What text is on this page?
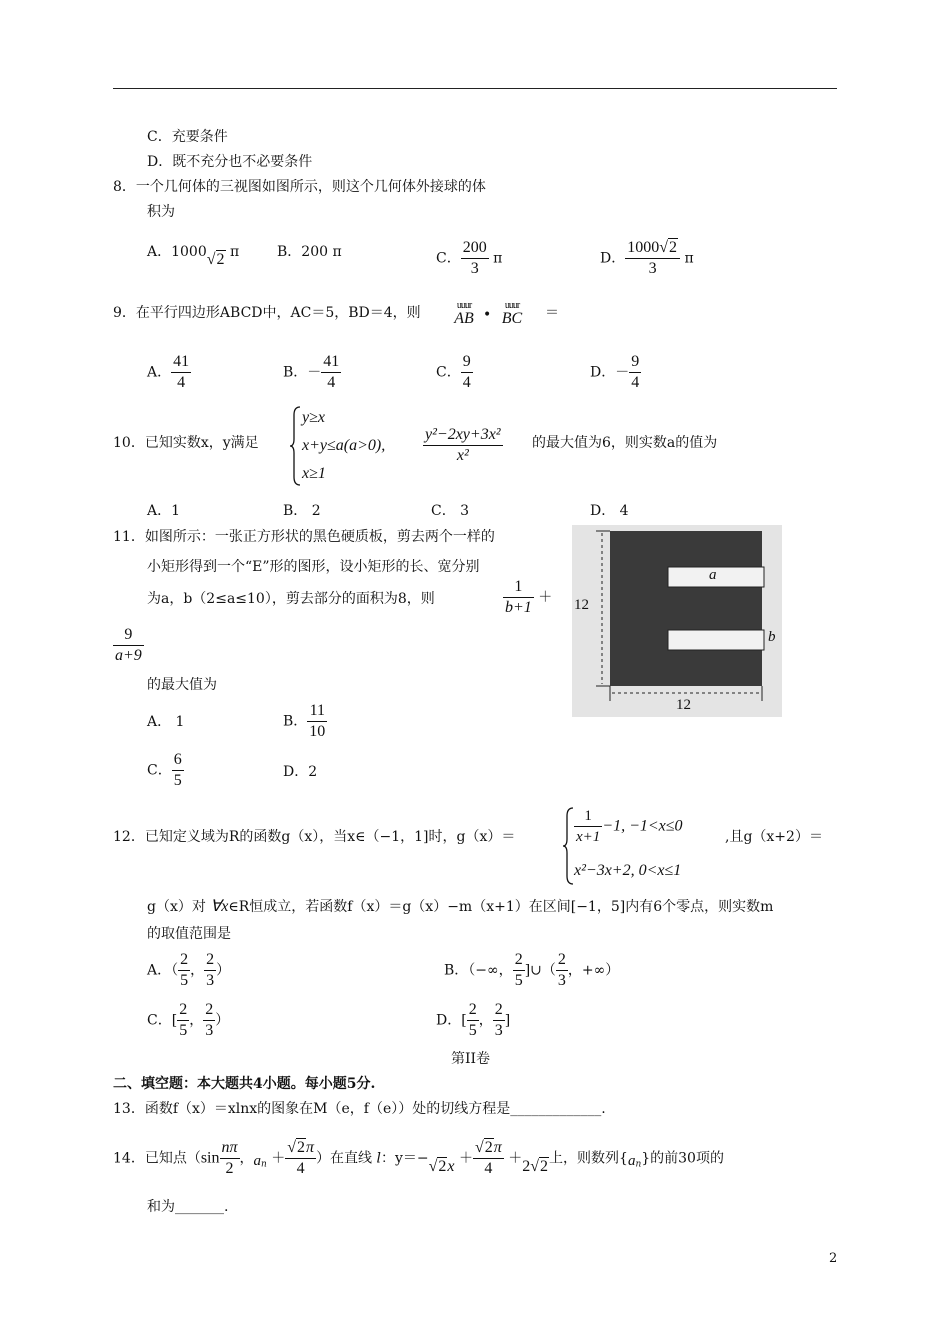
C．充要条件
D．既不充分也不必要条件
8．一个几何体的三视图如图所示，则这个几何体外接球的体
积为
A．1000√2 π	B．200 π	C． $\frac{200}{3}$ π	D． $\frac{1000√2}{3}$ π
9．在平行四边形ABCD中，AC＝5，BD＝4，则	uuur
AB •
uuur
BC	＝
A． $\frac{41}{4}$	B．－ $\frac{41}{4}$	C． $\frac{9}{4}$	D．－ $\frac{9}{4}$
10．已知实数x，y满足
y≥x
x+y≤a(a>0),
x≥1
$\frac{\text{y²−2xy+3x²}}{\text{x²}}$ 的最大值为6，则实数a的值为
A．1	B． 2	C． 3	D． 4
11．如图所示：一张正方形状的黑色硬质板，剪去两个一样的
小矩形得到一个“E”形的图形，设小矩形的长、宽分别
为a，b（2≤a≤10），剪去部分的面积为8，则	$\frac{1}{b+1}$ ＋
$\frac{9}{a+9}$
的最大值为
A． 1	B． $\frac{11}{10}$
C． $\frac{6}{5}$	D．2
a
b
12
12
12．已知定义域为R的函数g（x），当x∈（−1，1]时，g（x）＝	$\frac{1}{x+1} -1$, −1<x≤0
x²−3x+2, 0<x≤1
,且g（x+2）＝
g（x）对 ∀x∈R恒成立，若函数f（x）＝g（x）−m（x+1）在区间[−1，5]内有6个零点，则实数m
的取值范围是
A．（ $\frac{2}{5}$ ， $\frac{2}{3}$ ）	B．（−∞， $\frac{2}{5}$ ]∪（ $\frac{2}{3}$ ，+∞）
C．[ $\frac{2}{5}$ ， $\frac{2}{3}$ ）	D．[ $\frac{2}{5}$ ， $\frac{2}{3}$ ]
第II卷
二、填空题：本大题共4小题。每小题5分.
13．函数f（x）＝xlnx的图象在M（e，f（e））处的切线方程是_____________.
14．已知点（$\sin \frac{n\pi}{2}$ ，$a_n + \frac{√2\pi}{4}$ ）在直线 l：$y=-√2x + \frac{√2\pi}{4} +2√2$上，则数列$\{a_n\}$的前30项的
和为_______.
2
